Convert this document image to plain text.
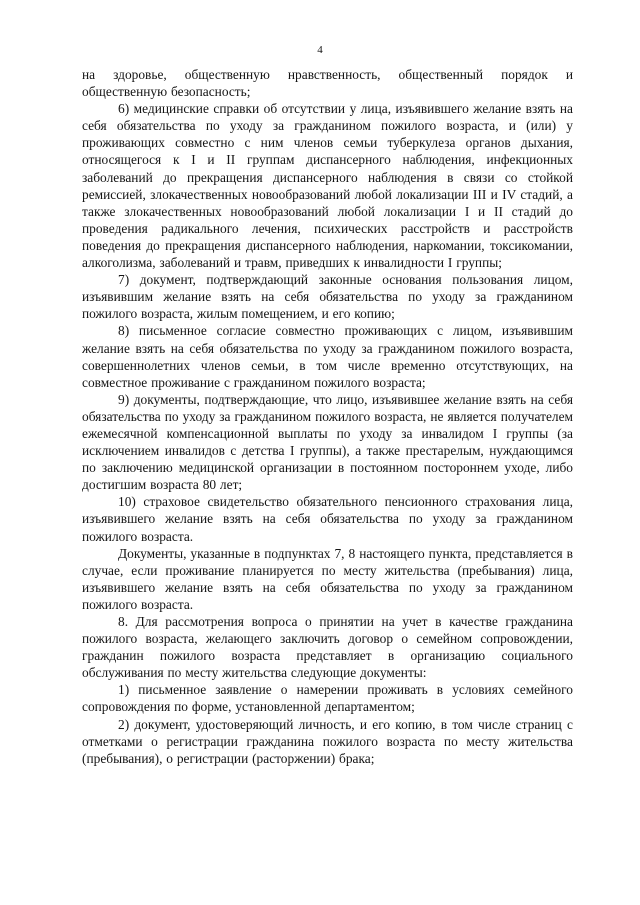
4

на здоровье, общественную нравственность, общественный порядок и общественную безопасность;

6) медицинские справки об отсутствии у лица, изъявившего желание взять на себя обязательства по уходу за гражданином пожилого возраста, и (или) у проживающих совместно с ним членов семьи туберкулеза органов дыхания, относящегося к I и II группам диспансерного наблюдения, инфекционных заболеваний до прекращения диспансерного наблюдения в связи со стойкой ремиссией, злокачественных новообразований любой локализации III и IV стадий, а также злокачественных новообразований любой локализации I и II стадий до проведения радикального лечения, психических расстройств и расстройств поведения до прекращения диспансерного наблюдения, наркомании, токсикомании, алкоголизма, заболеваний и травм, приведших к инвалидности I группы;

7) документ, подтверждающий законные основания пользования лицом, изъявившим желание взять на себя обязательства по уходу за гражданином пожилого возраста, жилым помещением, и его копию;

8) письменное согласие совместно проживающих с лицом, изъявившим желание взять на себя обязательства по уходу за гражданином пожилого возраста, совершеннолетних членов семьи, в том числе временно отсутствующих, на совместное проживание с гражданином пожилого возраста;

9) документы, подтверждающие, что лицо, изъявившее желание взять на себя обязательства по уходу за гражданином пожилого возраста, не является получателем ежемесячной компенсационной выплаты по уходу за инвалидом I группы (за исключением инвалидов с детства I группы), а также престарелым, нуждающимся по заключению медицинской организации в постоянном постороннем уходе, либо достигшим возраста 80 лет;

10) страховое свидетельство обязательного пенсионного страхования лица, изъявившего желание взять на себя обязательства по уходу за гражданином пожилого возраста.

Документы, указанные в подпунктах 7, 8 настоящего пункта, представляется в случае, если проживание планируется по месту жительства (пребывания) лица, изъявившего желание взять на себя обязательства по уходу за гражданином пожилого возраста.

8. Для рассмотрения вопроса о принятии на учет в качестве гражданина пожилого возраста, желающего заключить договор о семейном сопровождении, гражданин пожилого возраста представляет в организацию социального обслуживания по месту жительства следующие документы:

1) письменное заявление о намерении проживать в условиях семейного сопровождения по форме, установленной департаментом;

2) документ, удостоверяющий личность, и его копию, в том числе страниц с отметками о регистрации гражданина пожилого возраста по месту жительства (пребывания), о регистрации (расторжении) брака;
